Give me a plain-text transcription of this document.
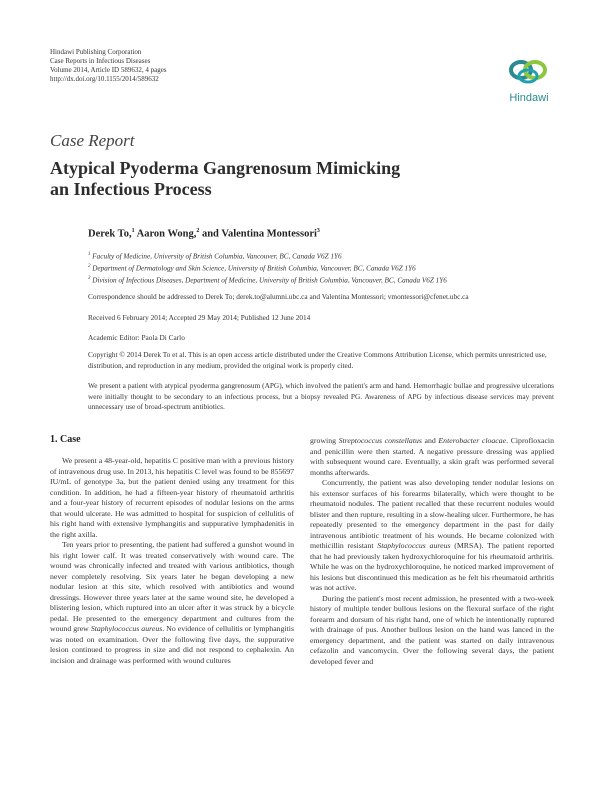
Hindawi Publishing Corporation
Case Reports in Infectious Diseases
Volume 2014, Article ID 589632, 4 pages
http://dx.doi.org/10.1155/2014/589632
Hindawi
Case Report
Atypical Pyoderma Gangrenosum Mimicking
an Infectious Process
Derek To,$^1$ Aaron Wong,$^2$ and Valentina Montessori$^3$
$^1$ Faculty of Medicine, University of British Columbia, Vancouver, BC, Canada V6Z 1Y6
$^2$ Department of Dermatology and Skin Science, University of British Columbia, Vancouver, BC, Canada V6Z 1Y6
$^3$ Division of Infectious Diseases, Department of Medicine, University of British Columbia, Vancouver, BC, Canada V6Z 1Y6
Correspondence should be addressed to Derek To; derek.to@alumni.ubc.ca and Valentina Montessori; vmontessori@cfenet.ubc.ca
Received 6 February 2014; Accepted 29 May 2014; Published 12 June 2014
Academic Editor: Paola Di Carlo
Copyright © 2014 Derek To et al. This is an open access article distributed under the Creative Commons Attribution License, which permits unrestricted use, distribution, and reproduction in any medium, provided the original work is properly cited.
We present a patient with atypical pyoderma gangrenosum (APG), which involved the patient's arm and hand. Hemorrhagic bullae and progressive ulcerations were initially thought to be secondary to an infectious process, but a biopsy revealed PG. Awareness of APG by infectious disease services may prevent unnecessary use of broad-spectrum antibiotics.
1. Case

We present a 48-year-old, hepatitis C positive man with a previous history of intravenous drug use. In 2013, his hepatitis C level was found to be 855697 IU/mL of genotype 3a, but the patient denied using any treatment for this condition. In addition, he had a fifteen-year history of rheumatoid arthritis and a four-year history of recurrent episodes of nodular lesions on the arms that would ulcerate. He was admitted to hospital for suspicion of cellulitis of his right hand with extensive lymphangitis and suppurative lymphadenitis in the right axilla.

Ten years prior to presenting, the patient had suffered a gunshot wound in his right lower calf. It was treated conservatively with wound care. The wound was chronically infected and treated with various antibiotics, though never completely resolving. Six years later he began developing a new nodular lesion at this site, which resolved with antibiotics and wound dressings. However three years later at the same wound site, he developed a blistering lesion, which ruptured into an ulcer after it was struck by a bicycle pedal. He presented to the emergency department and cultures from the wound grew Staphylococcus aureus. No evidence of cellulitis or lymphangitis was noted on examination. Over the following five days, the suppurative lesion continued to progress in size and did not respond to cephalexin. An incision and drainage was performed with wound cultures

growing Streptococcus constellatus and Enterobacter cloacae. Ciprofloxacin and penicillin were then started. A negative pressure dressing was applied with subsequent wound care. Eventually, a skin graft was performed several months afterwards.

Concurrently, the patient was also developing tender nodular lesions on his extensor surfaces of his forearms bilaterally, which were thought to be rheumatoid nodules. The patient recalled that these recurrent nodules would blister and then rupture, resulting in a slow-healing ulcer. Furthermore, he has repeatedly presented to the emergency department in the past for daily intravenous antibiotic treatment of his wounds. He became colonized with methicillin resistant Staphylococcus aureus (MRSA). The patient reported that he had previously taken hydroxychloroquine for his rheumatoid arthritis. While he was on the hydroxychloroquine, he noticed marked improvement of his lesions but discontinued this medication as he felt his rheumatoid arthritis was not active.

During the patient's most recent admission, he presented with a two-week history of multiple tender bullous lesions on the flexural surface of the right forearm and dorsum of his right hand, one of which he intentionally ruptured with drainage of pus. Another bullous lesion on the hand was lanced in the emergency department, and the patient was started on daily intravenous cefazolin and vancomycin. Over the following several days, the patient developed fever and
